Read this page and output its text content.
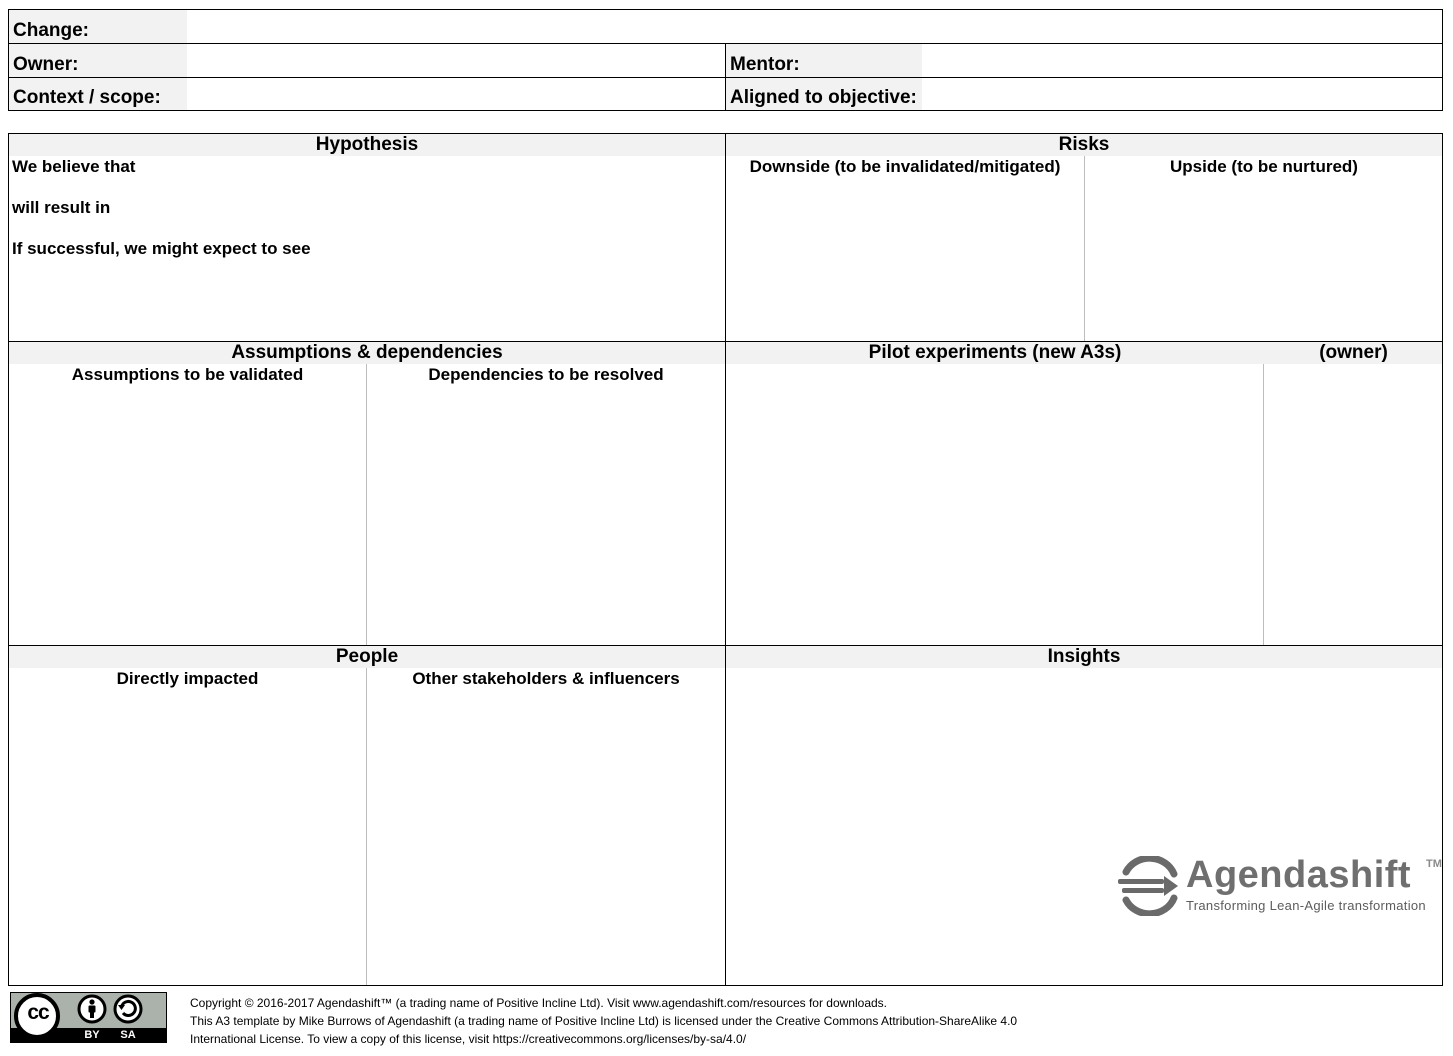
Change:
Owner:	Mentor:
Context / scope:	Aligned to objective:
Hypothesis	Risks
We believe that
will result in
If successful, we might expect to see
Downside (to be invalidated/mitigated)	Upside (to be nurtured)
Assumptions & dependencies	Pilot experiments (new A3s)	(owner)
Assumptions to be validated	Dependencies to be resolved
People	Insights
Directly impacted	Other stakeholders & influencers
Agendashift TM
Transforming Lean-Agile transformation
cc
BY	SA
Copyright © 2016-2017 Agendashift™ (a trading name of Positive Incline Ltd). Visit www.agendashift.com/resources for downloads.
This A3 template by Mike Burrows of Agendashift (a trading name of Positive Incline Ltd) is licensed under the Creative Commons Attribution-ShareAlike 4.0
International License. To view a copy of this license, visit https://creativecommons.org/licenses/by-sa/4.0/
